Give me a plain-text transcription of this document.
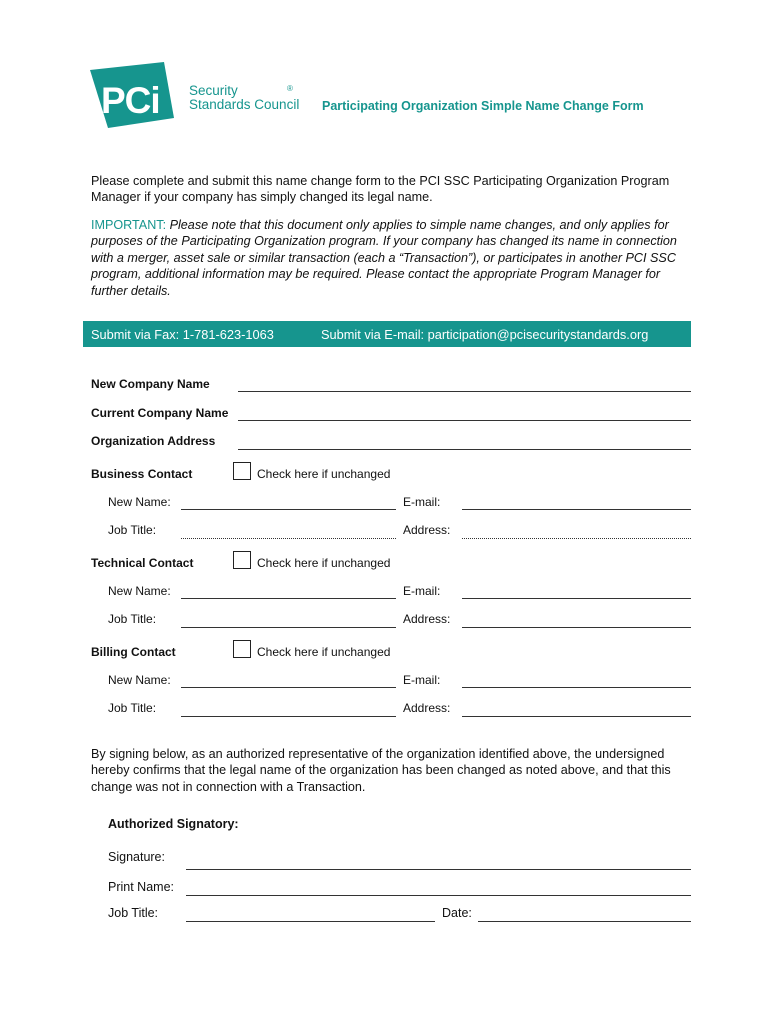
PCi Security
Standards Council
®
Participating Organization Simple Name Change Form
Please complete and submit this name change form to the PCI SSC Participating Organization Program Manager if your company has simply changed its legal name.
IMPORTANT: Please note that this document only applies to simple name changes, and only applies for purposes of the Participating Organization program. If your company has changed its name in connection with a merger, asset sale or similar transaction (each a “Transaction”), or participates in another PCI SSC program, additional information may be required. Please contact the appropriate Program Manager for further details.
Submit via Fax: 1-781-623-1063	Submit via E-mail: participation@pcisecuritystandards.org
New Company Name
Current Company Name
Organization Address
Business Contact	Check here if unchanged
New Name:	E-mail:
Job Title:	Address:
Technical Contact	Check here if unchanged
New Name:	E-mail:
Job Title:	Address:
Billing Contact	Check here if unchanged
New Name:	E-mail:
Job Title:	Address:
By signing below, as an authorized representative of the organization identified above, the undersigned hereby confirms that the legal name of the organization has been changed as noted above, and that this change was not in connection with a Transaction.
Authorized Signatory:
Signature:
Print Name:
Job Title:	Date:
